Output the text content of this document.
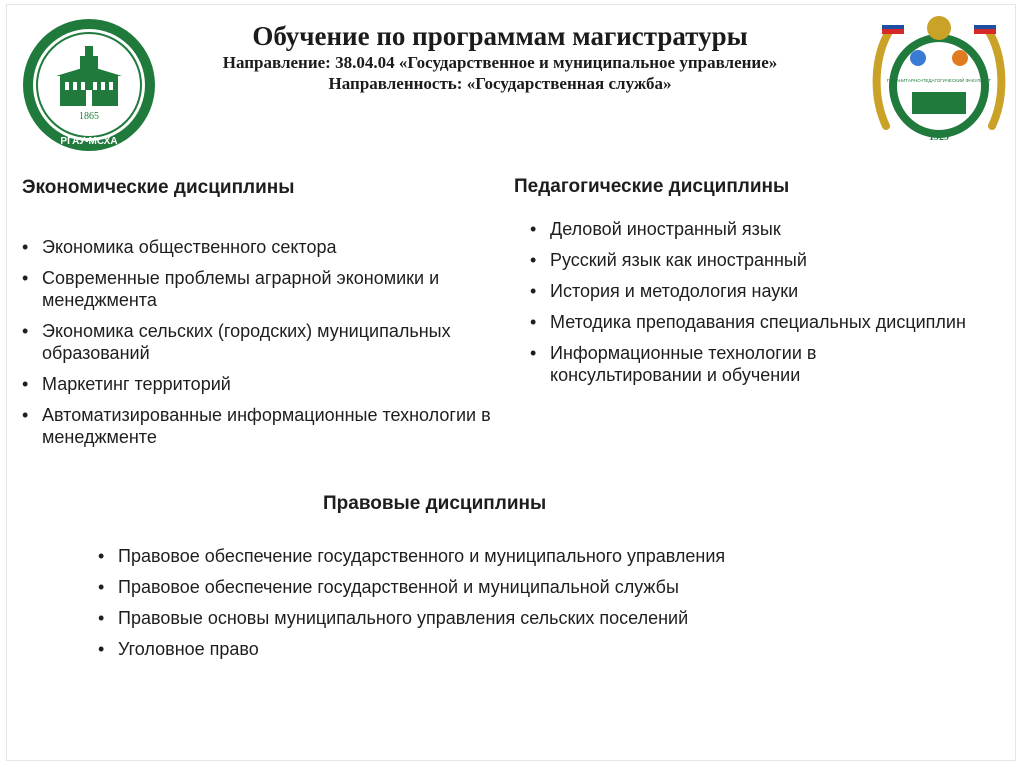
1865
РГАУ-МСХА
ГУМАНИТАРНО-ПЕДАГОГИЧЕСКИЙ ФАКУЛЬТЕТ
1929
Обучение по программам магистратуры
Направление: 38.04.04 «Государственное и муниципальное управление»
Направленность: «Государственная служба»
Экономические дисциплины
• Экономика общественного сектора
• Современные проблемы аграрной экономики и менеджмента
• Экономика сельских (городских) муниципальных образований
• Маркетинг территорий
• Автоматизированные информационные технологии в менеджменте
Педагогические дисциплины
• Деловой иностранный язык
• Русский язык как иностранный
• История и методология науки
• Методика преподавания специальных дисциплин
• Информационные технологии в консультировании и обучении
Правовые дисциплины
• Правовое обеспечение государственного и муниципального управления
• Правовое обеспечение государственной и муниципальной службы
• Правовые основы муниципального управления сельских поселений
• Уголовное право
